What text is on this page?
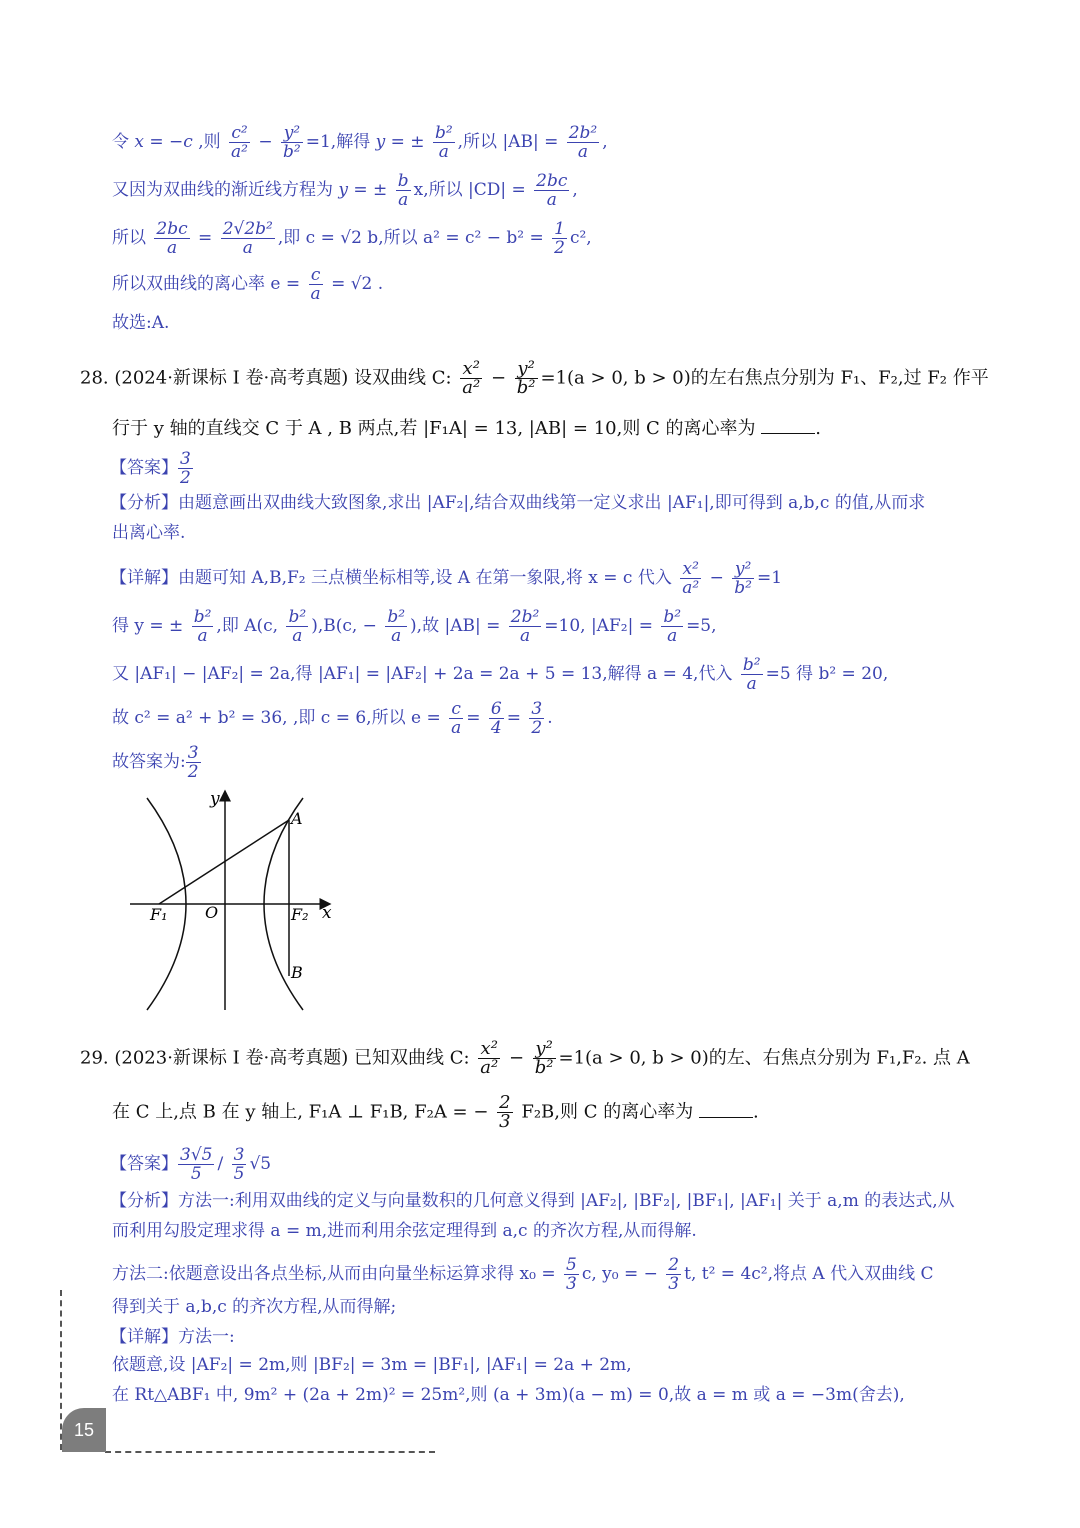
令 x = −c ,则 $\frac{\text{c²}}{\text{a²}} - \frac{\text{y²}}{\text{b²}} =1$,解得 y = ± $\frac{\text{b²}}{a}$ ,所以 $|AB| = \frac{\text{2b²}}{a}$ ,
又因为双曲线的渐近线方程为 y = ± $\frac{b}{a} x$,所以 $|CD| = \frac{2bc}{a}$ ,
所以 $\frac{2bc}{a} = \frac{\text{2√2b²}}{a}$ ,即 c = √2 b,所以 $a^2 = c^2 - b^2 = \frac{1}{2} c^2$,
所以双曲线的离心率 $e = \frac{c}{a} = √2$ .
故选:A.
28. (2024·新课标 I 卷·高考真题) 设双曲线 C: $\frac{\text{x²}}{\text{a²}} - \frac{\text{y²}}{\text{b²}} =1(a > 0$, b > 0)的左右焦点分别为 F₁、F₂,过 F₂ 作平
行于 y 轴的直线交 C 于 A , B 两点,若 |F₁A| = 13, |AB| = 10,则 C 的离心率为	.
【答案】 $\frac{3}{2}$
【分析】由题意画出双曲线大致图象,求出 |AF₂|,结合双曲线第一定义求出 |AF₁|,即可得到 a,b,c 的值,从而求
出离心率.
【详解】由题可知 A,B,F₂ 三点横坐标相等,设 A 在第一象限,将 x = c 代入 $\frac{\text{x²}}{\text{a²}} - \frac{\text{y²}}{\text{b²}} =1$
得 y = ± $\frac{\text{b²}}{a}$ ,即 A(c, $\frac{\text{b²}}{a} ),B(c$, − $\frac{\text{b²}}{a}$ ),故 $|AB| = \frac{\text{2b²}}{a} =10$, $|AF_2| = \frac{\text{b²}}{a} =5$,
又 |AF₁| − |AF₂| = 2a,得 |AF₁| = |AF₂| + 2a = 2a + 5 = 13,解得 a = 4,代入 $\frac{\text{b²}}{a} =5$ 得 b² = 20,
故 c² = a² + b² = 36, ,即 c = 6,所以 $e = \frac{c}{a} = \frac{6}{4} = \frac{3}{2}$ .
故答案为: $\frac{3}{2}$
y
x
O
A
B
F₁	F₂
29. (2023·新课标 I 卷·高考真题) 已知双曲线 C: $\frac{\text{x²}}{\text{a²}} - \frac{\text{y²}}{\text{b²}} =1(a > 0$, b > 0)的左、右焦点分别为 F₁,F₂. 点 A
在 C 上,点 B 在 y 轴上, F₁A ⊥ F₁B, F₂A = − $\frac{2}{3} F_2B$,则 C 的离心率为	.
【答案】 $\frac{3√5}{5} / \frac{3}{5} √5$
【分析】方法一:利用双曲线的定义与向量数积的几何意义得到 |AF₂|, |BF₂|, |BF₁|, |AF₁| 关于 a,m 的表达式,从
而利用勾股定理求得 a = m,进而利用余弦定理得到 a,c 的齐次方程,从而得解.
方法二:依题意设出各点坐标,从而由向量坐标运算求得 $x_0 = \frac{5}{3} c$, y₀ = − $\frac{2}{3} t$, t² = 4c²,将点 A 代入双曲线 C
得到关于 a,b,c 的齐次方程,从而得解;
【详解】方法一:
依题意,设 |AF₂| = 2m,则 |BF₂| = 3m = |BF₁|, |AF₁| = 2a + 2m,
在 Rt△ABF₁ 中, 9m² + (2a + 2m)² = 25m²,则 (a + 3m)(a − m) = 0,故 a = m 或 a = −3m(舍去),
15
